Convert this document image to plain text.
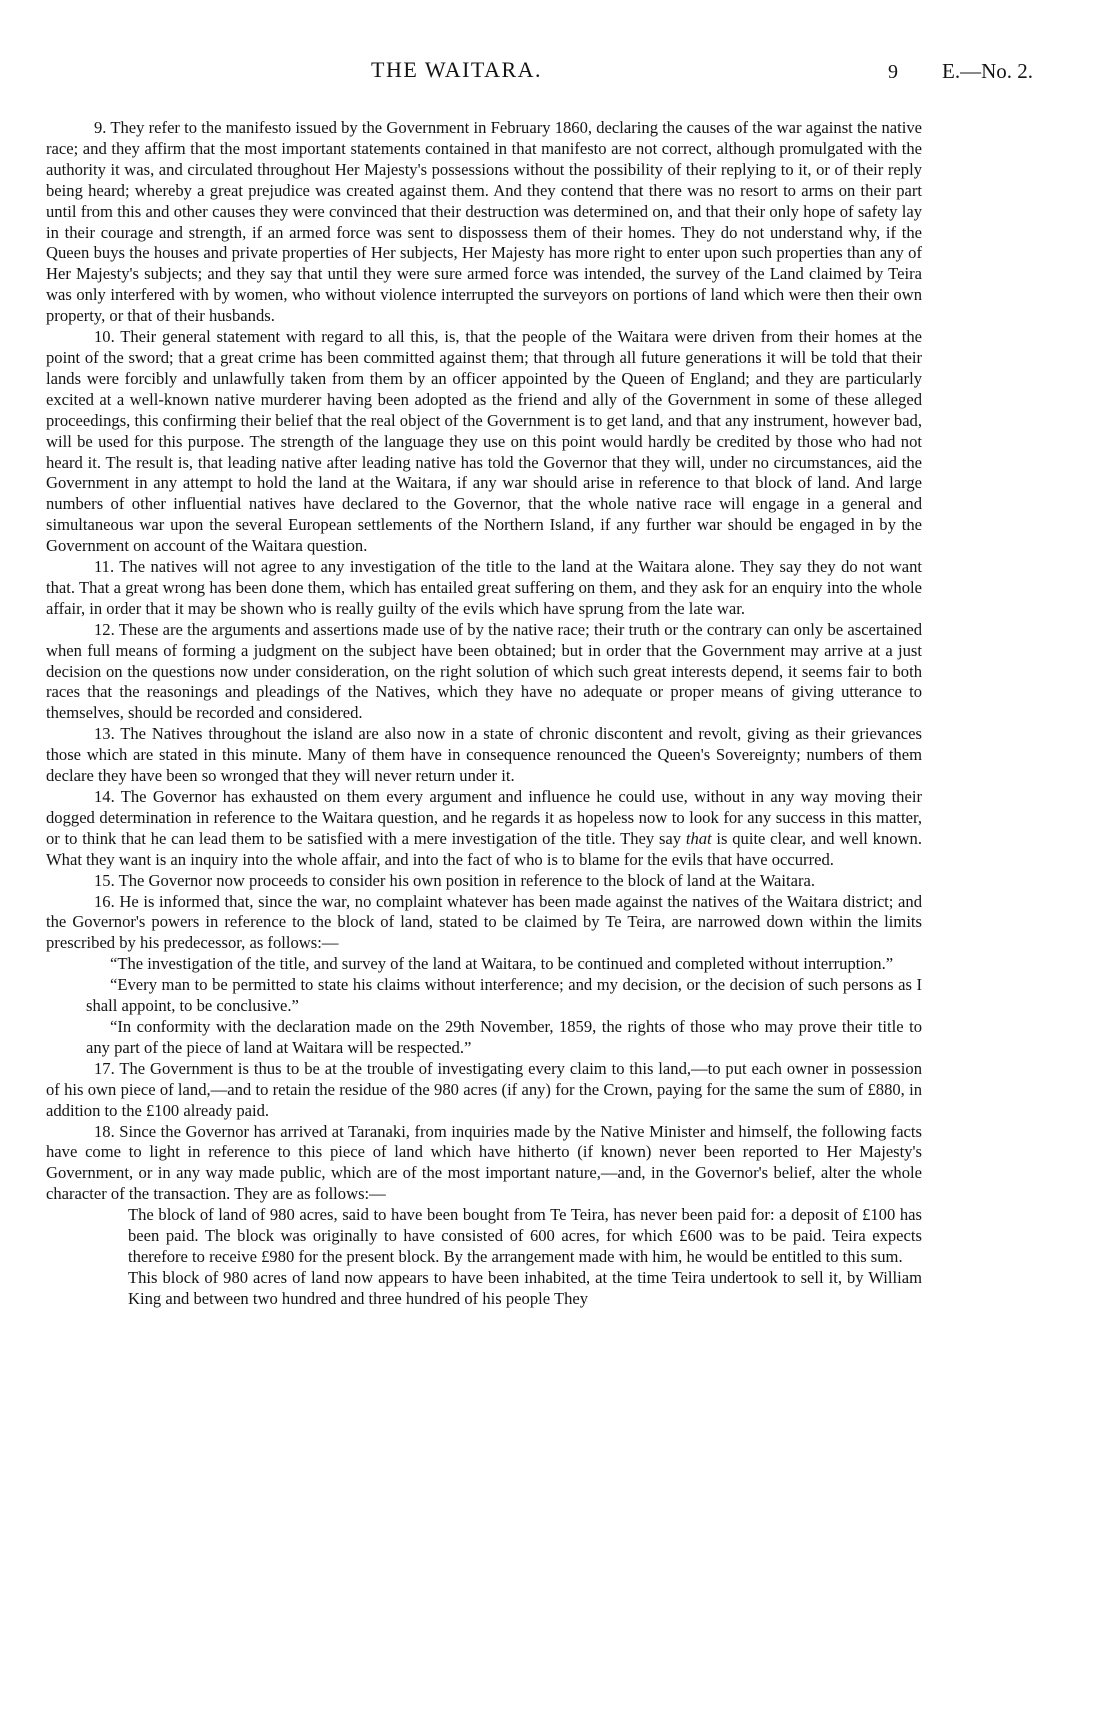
THE WAITARA.	9 E.—No. 2.

9. They refer to the manifesto issued by the Government in February 1860, declaring the causes of the war against the native race; and they affirm that the most important statements contained in that manifesto are not correct, although promulgated with the authority it was, and circulated throughout Her Majesty's possessions without the possibility of their replying to it, or of their reply being heard; whereby a great prejudice was created against them. And they contend that there was no resort to arms on their part until from this and other causes they were convinced that their destruction was determined on, and that their only hope of safety lay in their courage and strength, if an armed force was sent to dispossess them of their homes. They do not understand why, if the Queen buys the houses and private properties of Her subjects, Her Majesty has more right to enter upon such properties than any of Her Majesty's subjects; and they say that until they were sure armed force was intended, the survey of the Land claimed by Teira was only interfered with by women, who without violence interrupted the surveyors on portions of land which were then their own property, or that of their husbands.

10. Their general statement with regard to all this, is, that the people of the Waitara were driven from their homes at the point of the sword; that a great crime has been committed against them; that through all future generations it will be told that their lands were forcibly and unlawfully taken from them by an officer appointed by the Queen of England; and they are particularly excited at a well-known native murderer having been adopted as the friend and ally of the Government in some of these alleged proceedings, this confirming their belief that the real object of the Government is to get land, and that any instrument, however bad, will be used for this purpose. The strength of the language they use on this point would hardly be credited by those who had not heard it. The result is, that leading native after leading native has told the Governor that they will, under no circumstances, aid the Government in any attempt to hold the land at the Waitara, if any war should arise in reference to that block of land. And large numbers of other influential natives have declared to the Governor, that the whole native race will engage in a general and simultaneous war upon the several European settlements of the Northern Island, if any further war should be engaged in by the Government on account of the Waitara question.

11. The natives will not agree to any investigation of the title to the land at the Waitara alone. They say they do not want that. That a great wrong has been done them, which has entailed great suffering on them, and they ask for an enquiry into the whole affair, in order that it may be shown who is really guilty of the evils which have sprung from the late war.

12. These are the arguments and assertions made use of by the native race; their truth or the contrary can only be ascertained when full means of forming a judgment on the subject have been obtained; but in order that the Government may arrive at a just decision on the questions now under consideration, on the right solution of which such great interests depend, it seems fair to both races that the reasonings and pleadings of the Natives, which they have no adequate or proper means of giving utterance to themselves, should be recorded and considered.

13. The Natives throughout the island are also now in a state of chronic discontent and revolt, giving as their grievances those which are stated in this minute. Many of them have in consequence renounced the Queen's Sovereignty; numbers of them declare they have been so wronged that they will never return under it.

14. The Governor has exhausted on them every argument and influence he could use, without in any way moving their dogged determination in reference to the Waitara question, and he regards it as hopeless now to look for any success in this matter, or to think that he can lead them to be satisfied with a mere investigation of the title. They say that is quite clear, and well known. What they want is an inquiry into the whole affair, and into the fact of who is to blame for the evils that have occurred.

15. The Governor now proceeds to consider his own position in reference to the block of land at the Waitara.

16. He is informed that, since the war, no complaint whatever has been made against the natives of the Waitara district; and the Governor's powers in reference to the block of land, stated to be claimed by Te Teira, are narrowed down within the limits prescribed by his predecessor, as follows:—

“The investigation of the title, and survey of the land at Waitara, to be continued and completed without interruption.”

“Every man to be permitted to state his claims without interference; and my decision, or the decision of such persons as I shall appoint, to be conclusive.”

“In conformity with the declaration made on the 29th November, 1859, the rights of those who may prove their title to any part of the piece of land at Waitara will be respected.”

17. The Government is thus to be at the trouble of investigating every claim to this land,—to put each owner in possession of his own piece of land,—and to retain the residue of the 980 acres (if any) for the Crown, paying for the same the sum of £880, in addition to the £100 already paid.

18. Since the Governor has arrived at Taranaki, from inquiries made by the Native Minister and himself, the following facts have come to light in reference to this piece of land which have hitherto (if known) never been reported to Her Majesty's Government, or in any way made public, which are of the most important nature,—and, in the Governor's belief, alter the whole character of the transaction. They are as follows:—

The block of land of 980 acres, said to have been bought from Te Teira, has never been paid for: a deposit of £100 has been paid. The block was originally to have consisted of 600 acres, for which £600 was to be paid. Teira expects therefore to receive £980 for the present block. By the arrangement made with him, he would be entitled to this sum.

This block of 980 acres of land now appears to have been inhabited, at the time Teira undertook to sell it, by William King and between two hundred and three hundred of his people They
